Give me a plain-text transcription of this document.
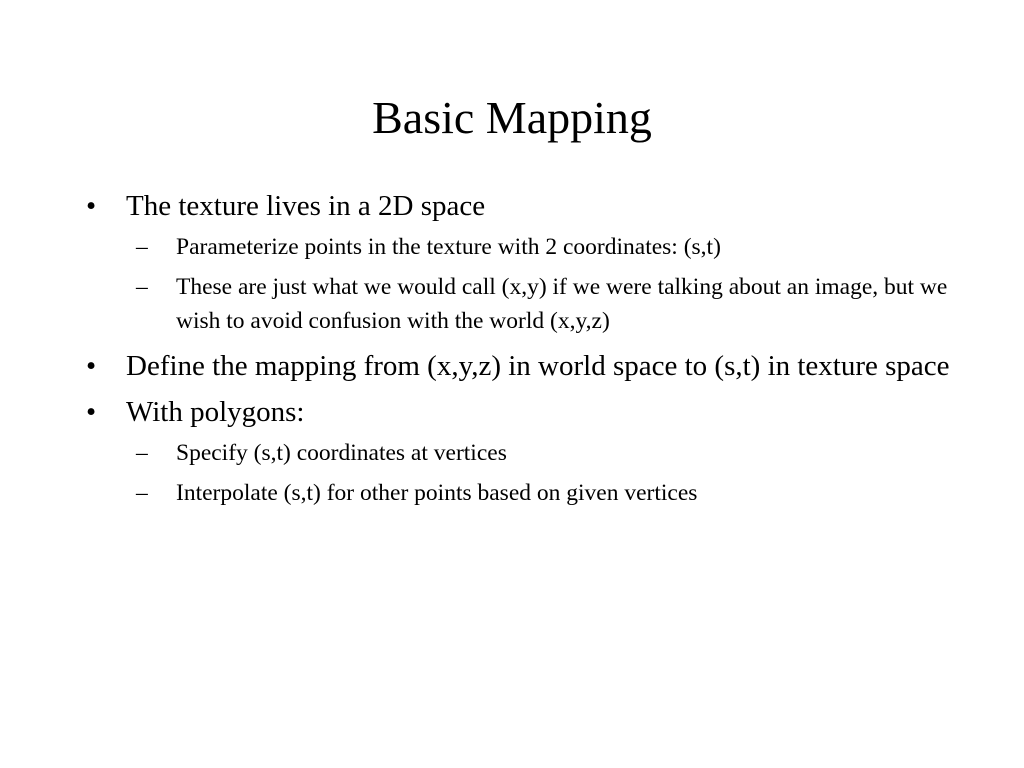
Basic Mapping
•	The texture lives in a 2D space
–	Parameterize points in the texture with 2 coordinates: (s,t)
–	These are just what we would call (x,y) if we were talking about an image, but we wish to avoid confusion with the world (x,y,z)
•	Define the mapping from (x,y,z) in world space to (s,t) in texture space
•	With polygons:
–	Specify (s,t) coordinates at vertices
–	Interpolate (s,t) for other points based on given vertices
